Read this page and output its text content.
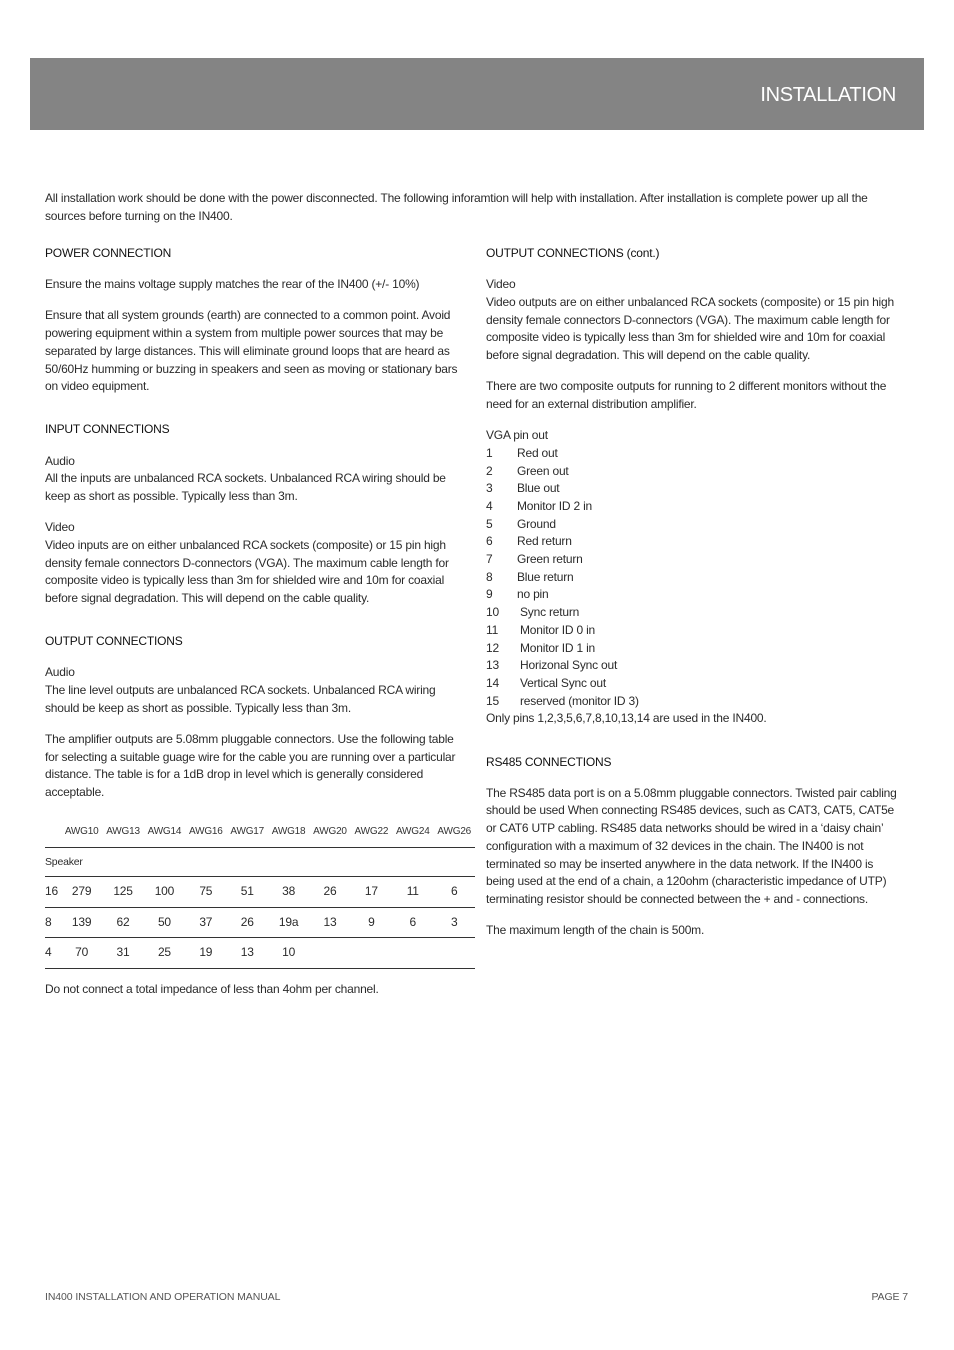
INSTALLATION
All installation work should be done with the power disconnected. The following inforamtion will help with installation. After installation is complete power up all the sources before turning on the IN400.
POWER CONNECTION

Ensure the mains voltage supply matches the rear of the IN400 (+/- 10%)

Ensure that all system grounds (earth) are connected to a common point. Avoid powering equipment within a system from multiple power sources that may be separated by large distances. This will eliminate ground loops that are heard as 50/60Hz humming or buzzing in speakers and seen as moving or stationary bars on video equipment.

INPUT CONNECTIONS

Audio
All the inputs are unbalanced RCA sockets. Unbalanced RCA wiring should be keep as short as possible. Typically less than 3m.

Video
Video inputs are on either unbalanced RCA sockets (composite) or 15 pin high density female connectors D-connectors (VGA). The maximum cable length for composite video is typically less than 3m for shielded wire and 10m for coaxial before signal degradation. This will depend on the cable quality.

OUTPUT CONNECTIONS

Audio
The line level outputs are unbalanced RCA sockets. Unbalanced RCA wiring should be keep as short as possible. Typically less than 3m.

The amplifier outputs are 5.08mm pluggable connectors. Use the following table for selecting a suitable guage wire for the cable you are running over a particular distance. The table is for a 1dB drop in level which is generally considered acceptable.

	AWG10	AWG13	AWG14	AWG16	AWG17	AWG18	AWG20	AWG22	AWG24	AWG26
Speaker										
16	279	125	100	75	51	38	26	17	11	6
8	139	62	50	37	26	19a	13	9	6	3
4	70	31	25	19	13	10				

Do not connect a total impedance of less than 4ohm per channel.

OUTPUT CONNECTIONS (cont.)

Video
Video outputs are on either unbalanced RCA sockets (composite) or 15 pin high density female connectors D-connectors (VGA). The maximum cable length for composite video is typically less than 3m for shielded wire and 10m for coaxial before signal degradation. This will depend on the cable quality.

There are two composite outputs for running to 2 different monitors without the need for an external distribution amplifier.

VGA pin out
1	Red out
2	Green out
3	Blue out
4	Monitor ID 2 in
5	Ground
6	Red return
7	Green return
8	Blue return
9	no pin
10	Sync return
11	Monitor ID 0 in
12	Monitor ID 1 in
13	Horizonal Sync out
14	Vertical Sync out
15	reserved (monitor ID 3)
Only pins 1,2,3,5,6,7,8,10,13,14 are used in the IN400.
RS485 CONNECTIONS

The RS485 data port is on a 5.08mm pluggable connectors. Twisted pair cabling should be used When connecting RS485 devices, such as CAT3, CAT5, CAT5e or CAT6 UTP cabling. RS485 data networks should be wired in a ‘daisy chain’ configuration with a maximum of 32 devices in the chain. The IN400 is not terminated so may be inserted anywhere in the data network. If the IN400 is being used at the end of a chain, a 120ohm (characteristic impedance of UTP) terminating resistor should be connected between the + and - connections.

The maximum length of the chain is 500m.

IN400 INSTALLATION AND OPERATION MANUAL	PAGE 7
